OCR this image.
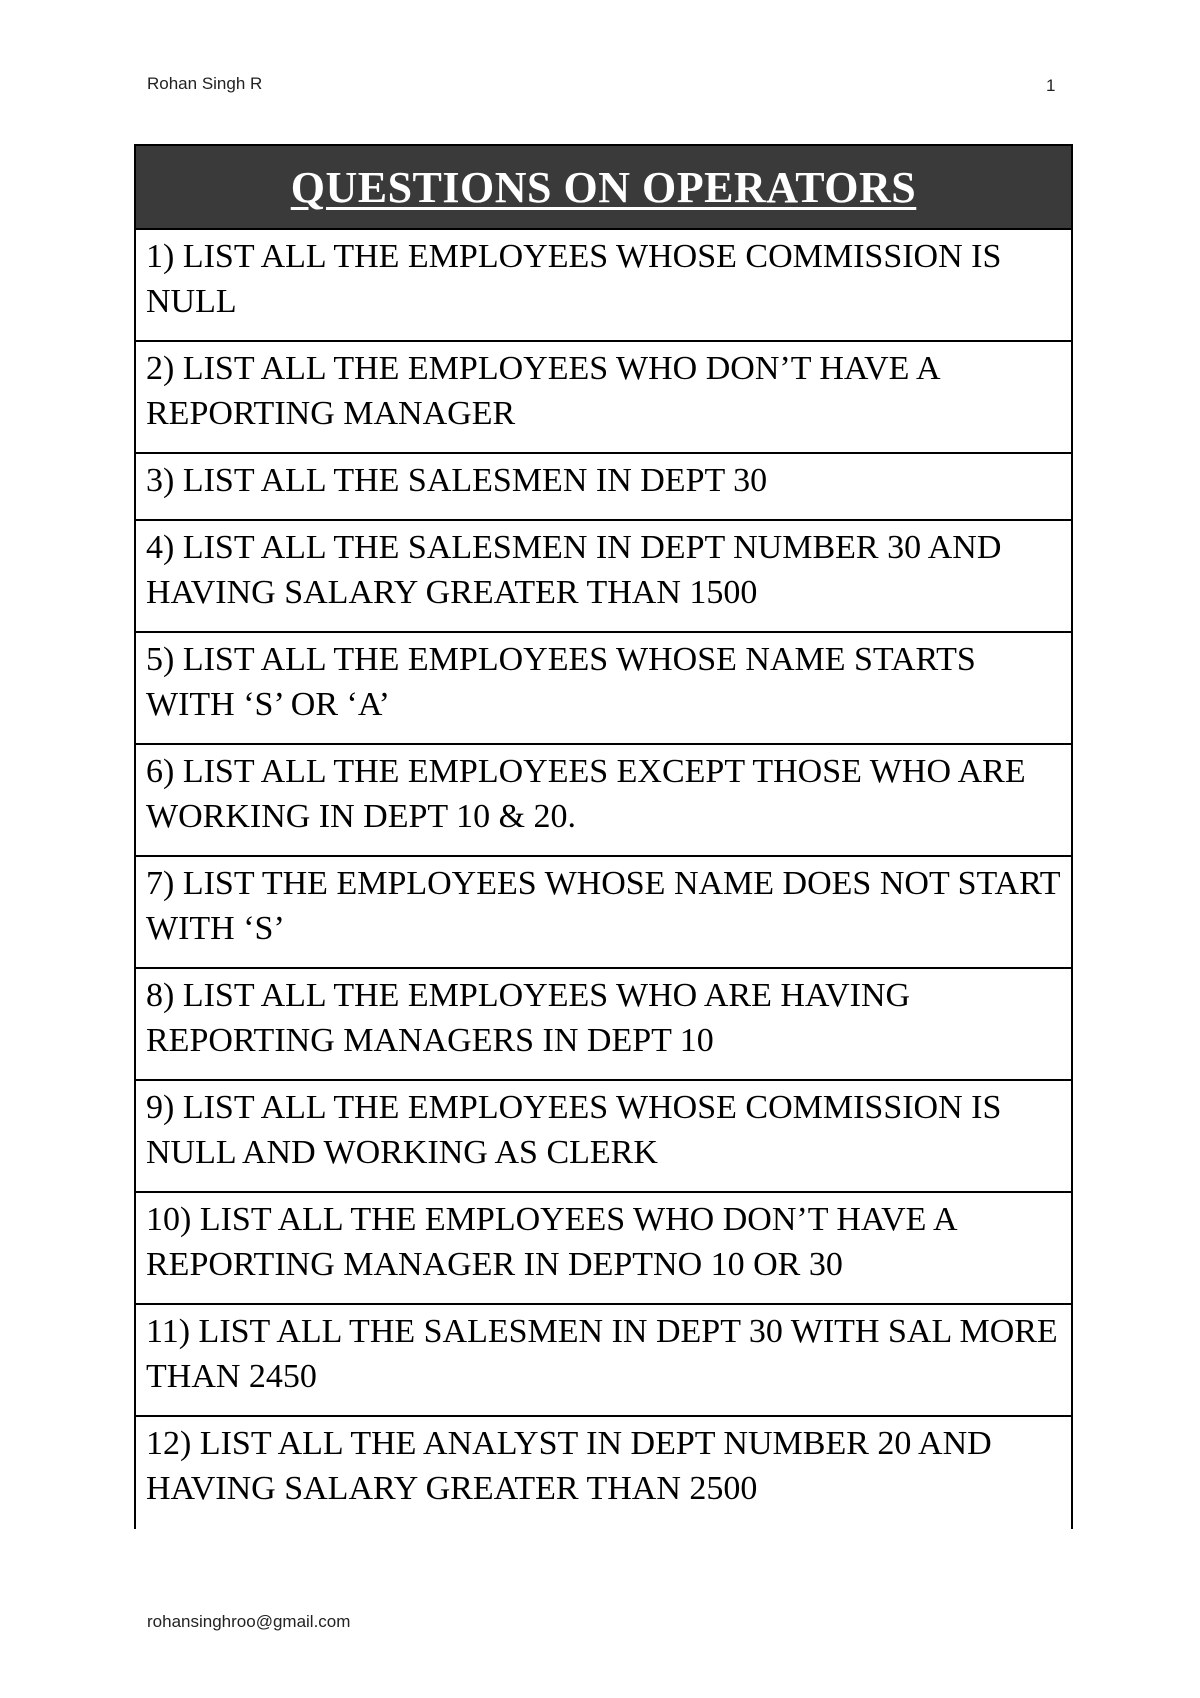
Rohan Singh R	1
QUESTIONS ON OPERATORS
1) LIST ALL THE EMPLOYEES WHOSE COMMISSION IS NULL
2) LIST ALL THE EMPLOYEES WHO DON’T HAVE A REPORTING MANAGER
3) LIST ALL THE SALESMEN IN DEPT 30
4) LIST ALL THE SALESMEN IN DEPT NUMBER 30 AND HAVING SALARY GREATER THAN 1500
5) LIST ALL THE EMPLOYEES WHOSE NAME STARTS WITH ‘S’ OR ‘A’
6) LIST ALL THE EMPLOYEES EXCEPT THOSE WHO ARE WORKING IN DEPT 10 & 20.
7) LIST THE EMPLOYEES WHOSE NAME DOES NOT START WITH ‘S’
8) LIST ALL THE EMPLOYEES WHO ARE HAVING REPORTING MANAGERS IN DEPT 10
9) LIST ALL THE EMPLOYEES WHOSE COMMISSION IS NULL AND WORKING AS CLERK
10) LIST ALL THE EMPLOYEES WHO DON’T HAVE A REPORTING MANAGER IN DEPTNO 10 OR 30
11) LIST ALL THE SALESMEN IN DEPT 30 WITH SAL MORE THAN 2450
12) LIST ALL THE ANALYST IN DEPT NUMBER 20 AND HAVING SALARY GREATER THAN 2500
rohansinghroo@gmail.com
